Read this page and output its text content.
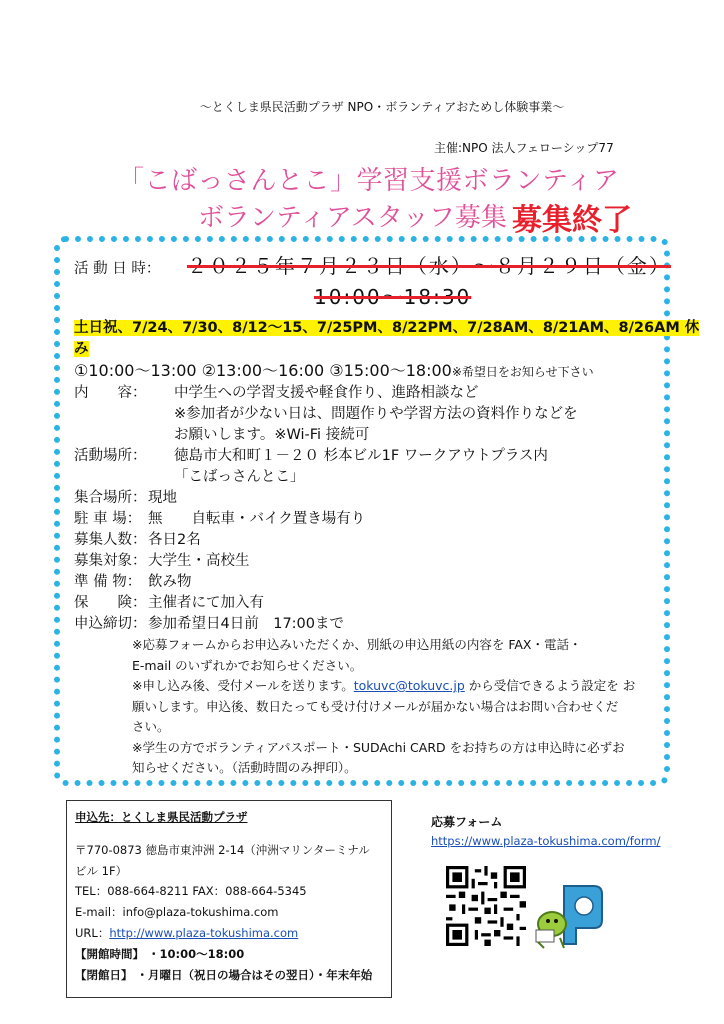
～とくしま県民活動プラザ NPO・ボランティアおためし体験事業～
主催:NPO 法人フェローシップ77
「こばっさんとこ」学習支援ボランティア
ボランティアスタッフ募集 募集終了
活 動 日 時： ２０２５年７月２３日（水）～８月２９日（金）
10:00～18:30
土日祝、7/24、7/30、8/12～15、7/25PM、8/22PM、7/28AM、8/21AM、8/26AM 休
み
①10:00～13:00 ②13:00～16:00 ③15:00～18:00※希望日をお知らせ下さい
内　　容： 中学生への学習支援や軽食作り、進路相談など
※参加者が少ない日は、問題作りや学習方法の資料作りなどを
お願いします。※Wi-Fi 接続可
活動場所： 徳島市大和町１－２０ 杉本ビル1F ワークアウトプラス内
「こばっさんとこ」
集合場所： 現地
駐 車 場： 無　　自転車・バイク置き場有り
募集人数： 各日2名
募集対象： 大学生・高校生
準 備 物： 飲み物
保　　険： 主催者にて加入有
申込締切： 参加希望日4日前　17:00まで
※応募フォームからお申込みいただくか、別紙の申込用紙の内容を FAX・電話・
E-mail のいずれかでお知らせください。
※申し込み後、受付メールを送ります。tokuvc@tokuvc.jp から受信できるよう設定を お
願いします。申込後、数日たっても受け付けメールが届かない場合はお問い合わせくだ
さい。
※学生の方でボランティアパスポート・SUDAchi CARD をお持ちの方は申込時に必ずお
知らせください。（活動時間のみ押印）。
申込先：とくしま県民活動プラザ
〒770-0873 徳島市東沖洲 2-14（沖洲マリンターミナル
ビル 1F）
TEL：088-664-8211 FAX：088-664-5345
E-mail：info@plaza-tokushima.com
URL：http://www.plaza-tokushima.com
【開館時間】 ・10:00～18:00
【閉館日】 ・月曜日（祝日の場合はその翌日）・年末年始
応募フォーム
https://www.plaza-tokushima.com/form/
